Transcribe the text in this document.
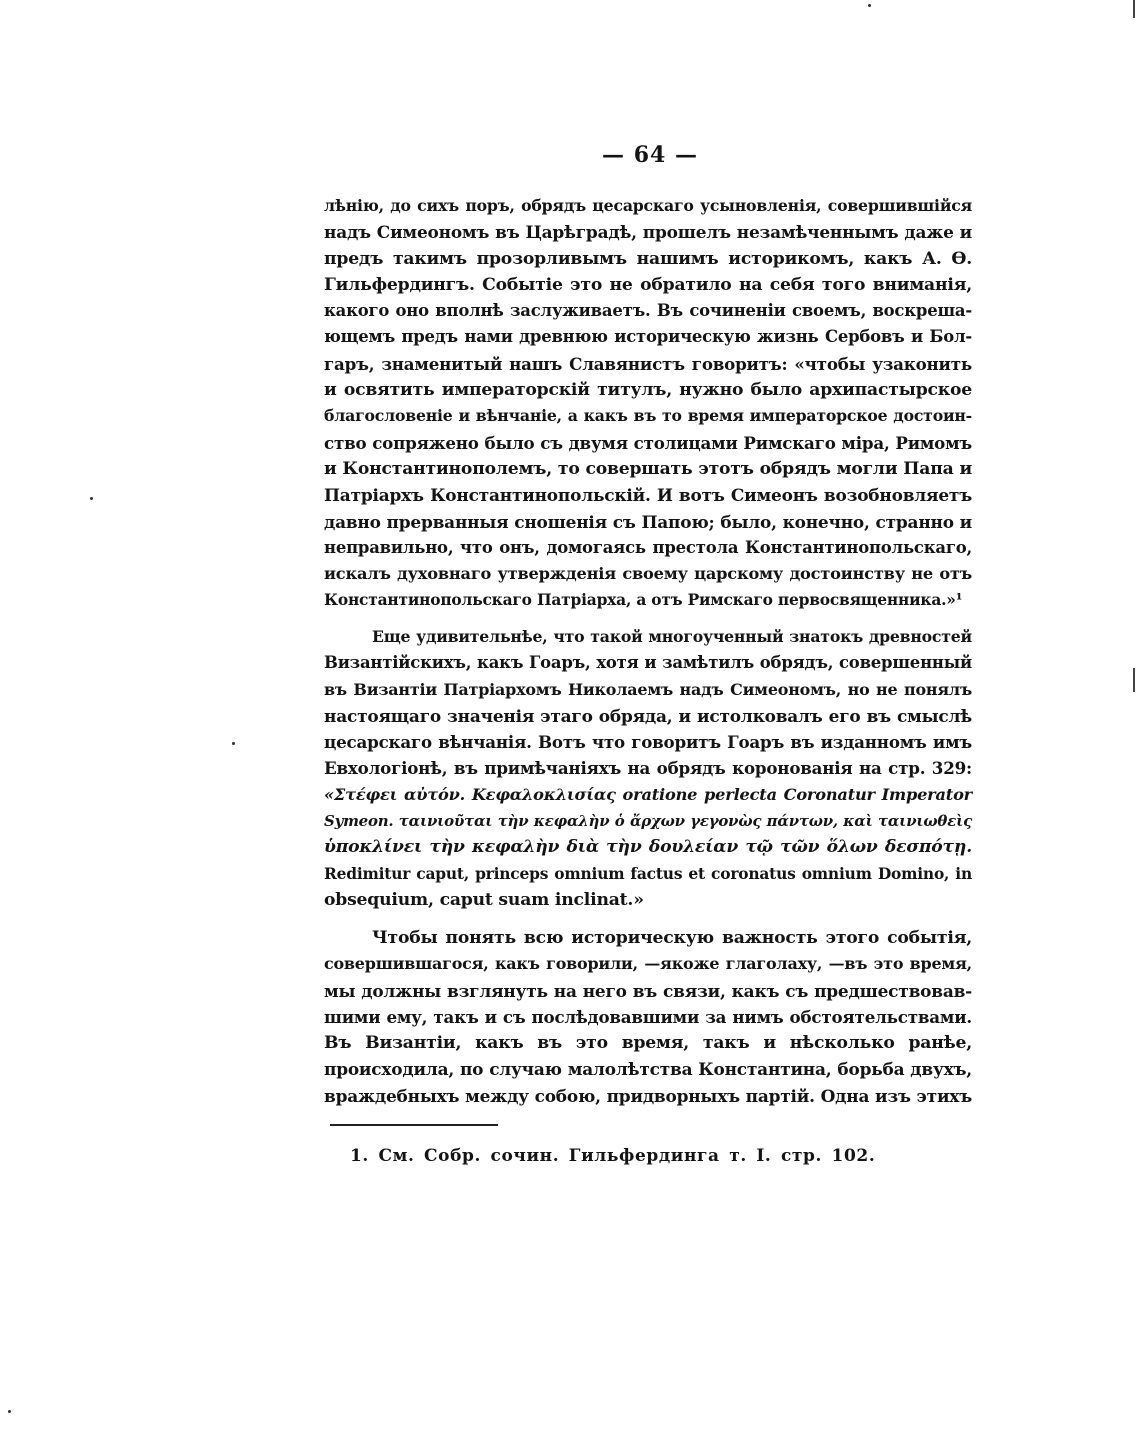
— 64 —
лѣнію, до сихъ поръ, обрядъ цесарскаго усыновленія, совершившійся
надъ Симеономъ въ Царѣградѣ, прошелъ незамѣченнымъ даже и
предъ такимъ прозорливымъ нашимъ историкомъ, какъ А. Ѳ.
Гильфердингъ. Событіе это не обратило на себя того вниманія,
какого оно вполнѣ заслуживаетъ. Въ сочиненіи своемъ, воскреша-
ющемъ предъ нами древнюю историческую жизнь Сербовъ и Бол-
гаръ, знаменитый нашъ Славянистъ говоритъ: «чтобы узаконить
и освятить императорскій титулъ, нужно было архипастырское
благословеніе и вѣнчаніе, а какъ въ то время императорское достоин-
ство сопряжено было съ двумя столицами Римскаго міра, Римомъ
и Константинополемъ, то совершать этотъ обрядъ могли Папа и
Патріархъ Константинопольскій. И вотъ Симеонъ возобновляетъ
давно прерванныя сношенія съ Папою; было, конечно, странно и
неправильно, что онъ, домогаясь престола Константинопольскаго,
искалъ духовнаго утвержденія своему царскому достоинству не отъ
Константинопольскаго Патріарха, а отъ Римскаго первосвященника.»¹
Еще удивительнѣе, что такой многоученный знатокъ древностей
Византійскихъ, какъ Гоаръ, хотя и замѣтилъ обрядъ, совершенный
въ Византіи Патріархомъ Николаемъ надъ Симеономъ, но не понялъ
настоящаго значенія этаго обряда, и истолковалъ его въ смыслѣ
цесарскаго вѣнчанія. Вотъ что говоритъ Гоаръ въ изданномъ имъ
Евхологіонѣ, въ примѣчаніяхъ на обрядъ коронованія на стр. 329:
«Στέφει αὐτόν. Κεφαλοκλισίας oratione perlecta Coronatur Imperator
Symeon. ταινιοῦται τὴν κεφαλὴν ὁ ἄρχων γεγονὼς πάντων, καὶ ταινιωθεὶς
ὑποκλίνει τὴν κεφαλὴν διὰ τὴν δουλείαν τῷ τῶν ὅλων δεσπότῃ.
Redimitur caput, princeps omnium factus et coronatus omnium Domino, in
obsequium, caput suam inclinat.»
Чтобы понять всю историческую важность этого событія,
совершившагося, какъ говорили, —якоже глаголаху, —въ это время,
мы должны взглянуть на него въ связи, какъ съ предшествовав-
шими ему, такъ и съ послѣдовавшими за нимъ обстоятельствами.
Въ Византіи, какъ въ это время, такъ и нѣсколько ранѣе,
происходила, по случаю малолѣтства Константина, борьба двухъ,
враждебныхъ между собою, придворныхъ партій. Одна изъ этихъ
1. См. Собр. сочин. Гильфердинга т. I. стр. 102.
